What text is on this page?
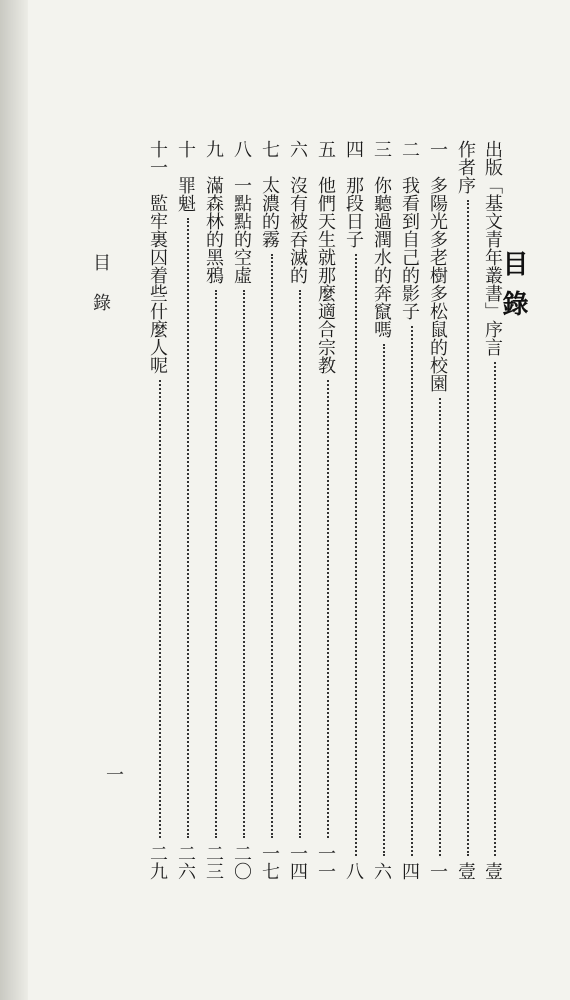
目錄
出版「基文青年叢書」序言
壹
作者序
壹
一　多陽光多老樹多松鼠的校園
一
二　我看到自己的影子
四
三　你聽過潤水的奔竄嗎
六
四　那段日子
八
五　他們天生就那麼適合宗教
一一
六　沒有被吞滅的
一四
七　太濃的霧
一七
八　一點點的空虛
二〇
九　滿森林的黑鴉
二三
十　罪魁
二六
十一　監牢裏囚着些什麼人呢
二九
目錄
一
